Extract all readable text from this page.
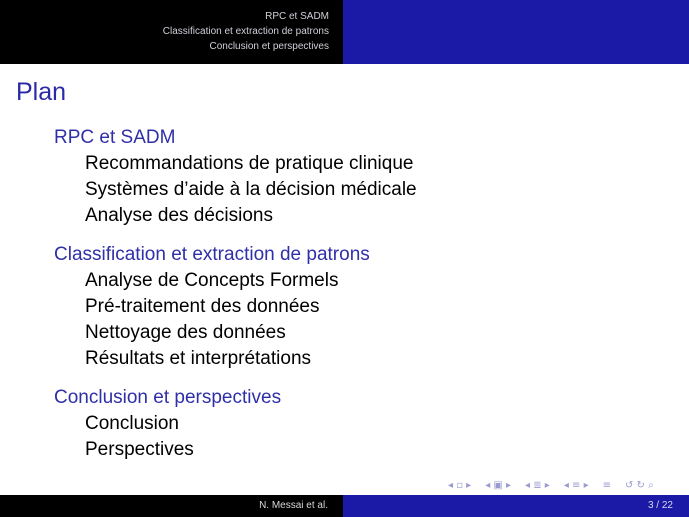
RPC et SADM
Classification et extraction de patrons
Conclusion et perspectives
Plan
RPC et SADM
Recommandations de pratique clinique
Systèmes d’aide à la décision médicale
Analyse des décisions
Classification et extraction de patrons
Analyse de Concepts Formels
Pré-traitement des données
Nettoyage des données
Résultats et interprétations
Conclusion et perspectives
Conclusion
Perspectives
◂ ▫ ▸ ◂ ▣ ▸ ◂ ≣ ▸ ◂ ≡ ▸ ≡ ↺ ↻ ⌕
N. Messai et al.	3 / 22
